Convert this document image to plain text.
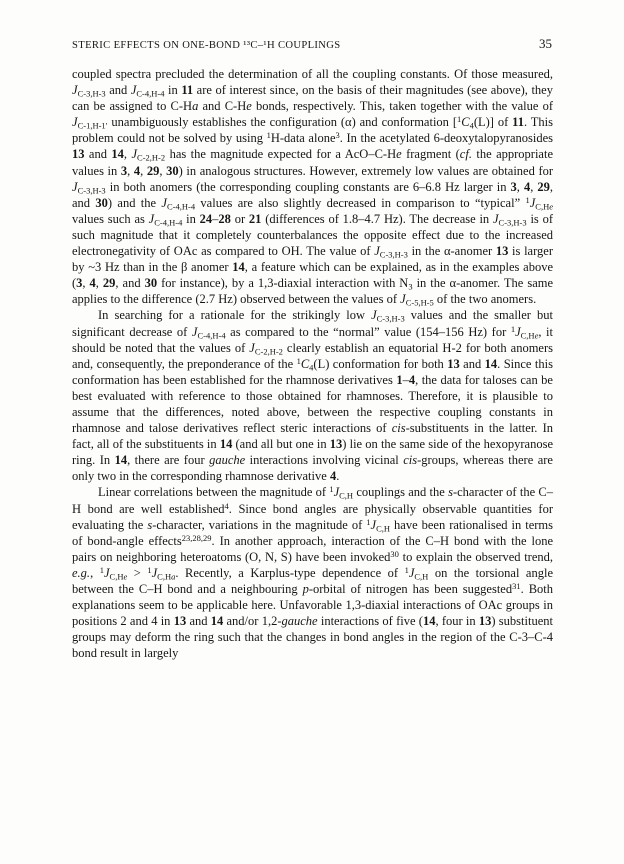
STERIC EFFECTS ON ONE-BOND ¹³C–¹H COUPLINGS	35

coupled spectra precluded the determination of all the coupling constants. Of those measured, $J_{C-3,H-3}$ and $J_{C-4,H-4}$ in 11 are of interest since, on the basis of their magnitudes (see above), they can be assigned to C-Ha and C-He bonds, respectively. This, taken together with the value of $J_{C-1,H-1'}$ unambiguously establishes the configuration (α) and conformation $[^1C_4(L)]$ of 11. This problem could not be solved by using $^1$H-data alone$^3$. In the acetylated 6-deoxytalopyranosides 13 and 14, $J_{C-2,H-2}$ has the magnitude expected for a AcO–C-He fragment (cf. the appropriate values in 3, 4, 29, 30) in analogous structures. However, extremely low values are obtained for $J_{C-3,H-3}$ in both anomers (the corresponding coupling constants are 6–6.8 Hz larger in 3, 4, 29, and 30) and the $J_{C-4,H-4}$ values are also slightly decreased in comparison to “typical” $^1J_{C,He}$ values such as $J_{C-4,H-4}$ in 24–28 or 21 (differences of 1.8–4.7 Hz). The decrease in $J_{C-3,H-3}$ is of such magnitude that it completely counterbalances the opposite effect due to the increased electronegativity of OAc as compared to OH. The value of $J_{C-3,H-3}$ in the α-anomer 13 is larger by ~3 Hz than in the β anomer 14, a feature which can be explained, as in the examples above (3, 4, 29, and 30 for instance), by a 1,3-diaxial interaction with $N_3$ in the α-anomer. The same applies to the difference (2.7 Hz) observed between the values of $J_{C-5,H-5}$ of the two anomers.

In searching for a rationale for the strikingly low $J_{C-3,H-3}$ values and the smaller but significant decrease of $J_{C-4,H-4}$ as compared to the “normal” value (154–156 Hz) for $^1J_{C,He}$, it should be noted that the values of $J_{C-2,H-2}$ clearly establish an equatorial H-2 for both anomers and, consequently, the preponderance of the $^1C_4(L)$ conformation for both 13 and 14. Since this conformation has been established for the rhamnose derivatives 1–4, the data for taloses can be best evaluated with reference to those obtained for rhamnoses. Therefore, it is plausible to assume that the differences, noted above, between the respective coupling constants in rhamnose and talose derivatives reflect steric interactions of cis-substituents in the latter. In fact, all of the substituents in 14 (and all but one in 13) lie on the same side of the hexopyranose ring. In 14, there are four gauche interactions involving vicinal cis-groups, whereas there are only two in the corresponding rhamnose derivative 4.

Linear correlations between the magnitude of $^1J_{C,H}$ couplings and the s-character of the C–H bond are well established$^4$. Since bond angles are physically observable quantities for evaluating the s-character, variations in the magnitude of $^1J_{C,H}$ have been rationalised in terms of bond-angle effects$^{23,28,29}$. In another approach, interaction of the C–H bond with the lone pairs on neighboring heteroatoms (O, N, S) have been invoked$^{30}$ to explain the observed trend, e.g., $^1J_{C,He} > ^1J_{C,Ha}$. Recently, a Karplus-type dependence of $^1J_{C,H}$ on the torsional angle between the C–H bond and a neighbouring p-orbital of nitrogen has been suggested$^{31}$. Both explanations seem to be applicable here. Unfavorable 1,3-diaxial interactions of OAc groups in positions 2 and 4 in 13 and 14 and/or 1,2-gauche interactions of five (14, four in 13) substituent groups may deform the ring such that the changes in bond angles in the region of the C-3–C-4 bond result in largely
